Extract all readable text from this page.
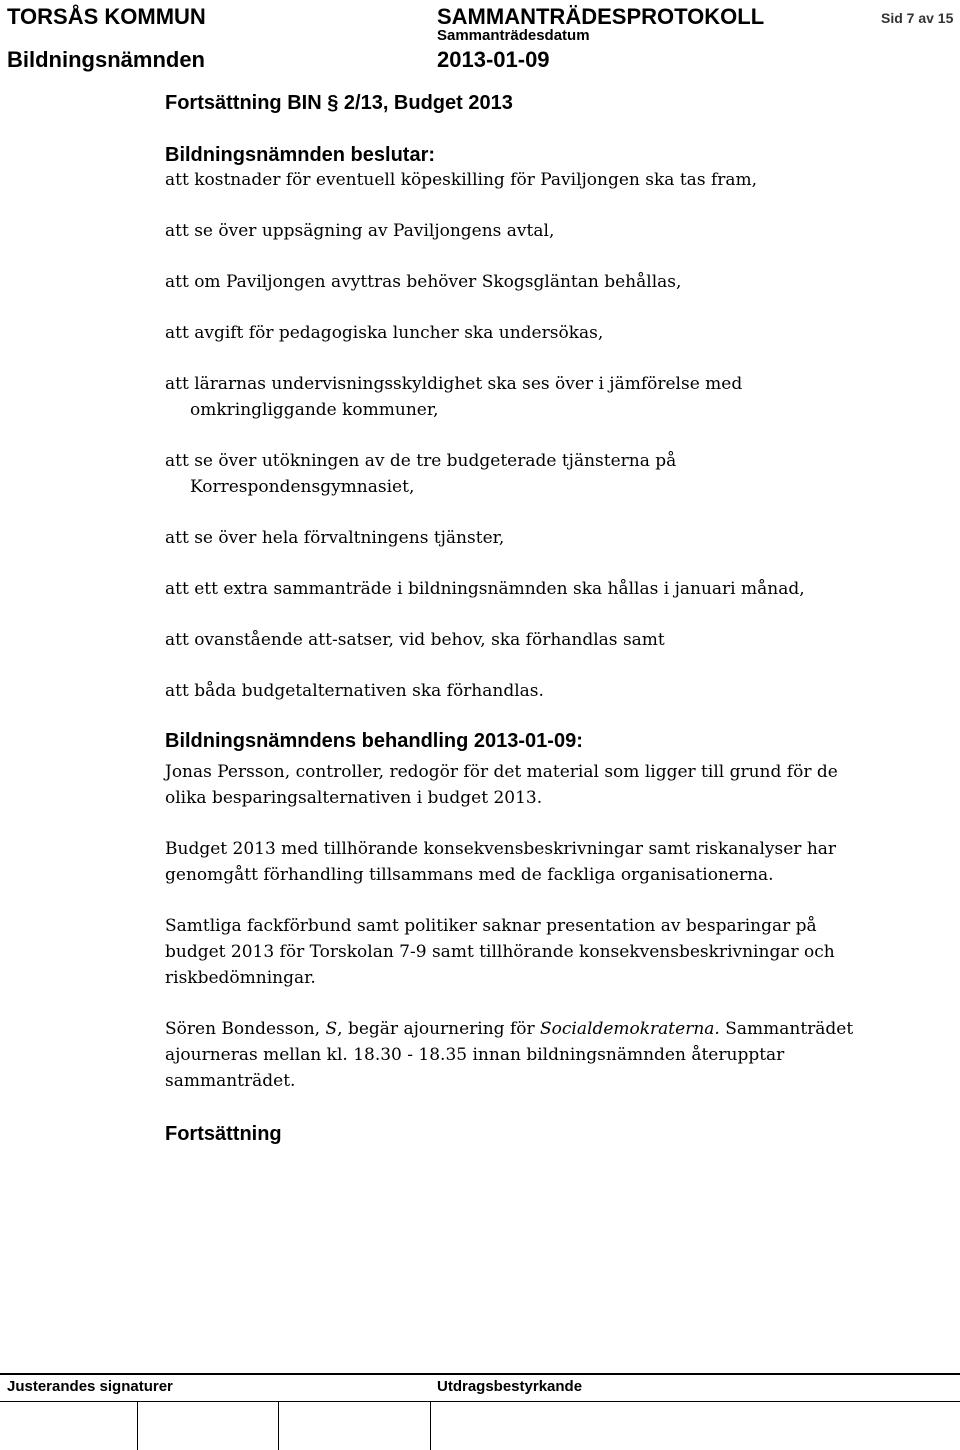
TORSÅS KOMMUN
Bildningsnämnden
SAMMANTRÄDESPROTOKOLL
Sammanträdesdatum
2013-01-09
Sid 7 av 15
Fortsättning BIN § 2/13, Budget 2013
Bildningsnämnden beslutar:
att kostnader för eventuell köpeskilling för Paviljongen ska tas fram,
att se över uppsägning av Paviljongens avtal,
att om Paviljongen avyttras behöver Skogsgläntan behållas,
att avgift för pedagogiska luncher ska undersökas,
att lärarnas undervisningsskyldighet ska ses över i jämförelse med omkringliggande kommuner,
att se över utökningen av de tre budgeterade tjänsterna på Korrespondensgymnasiet,
att se över hela förvaltningens tjänster,
att ett extra sammanträde i bildningsnämnden ska hållas i januari månad,
att ovanstående att-satser, vid behov, ska förhandlas samt
att båda budgetalternativen ska förhandlas.
Bildningsnämndens behandling 2013-01-09:

Jonas Persson, controller, redogör för det material som ligger till grund för de olika besparingsalternativen i budget 2013.

Budget 2013 med tillhörande konsekvensbeskrivningar samt riskanalyser har genomgått förhandling tillsammans med de fackliga organisationerna.

Samtliga fackförbund samt politiker saknar presentation av besparingar på budget 2013 för Torskolan 7-9 samt tillhörande konsekvensbeskrivningar och riskbedömningar.

Sören Bondesson, S, begär ajournering för Socialdemokraterna. Sammanträdet ajourneras mellan kl. 18.30 - 18.35 innan bildningsnämnden återupptar sammanträdet.

Fortsättning
Justerandes signaturer	Utdragsbestyrkande
